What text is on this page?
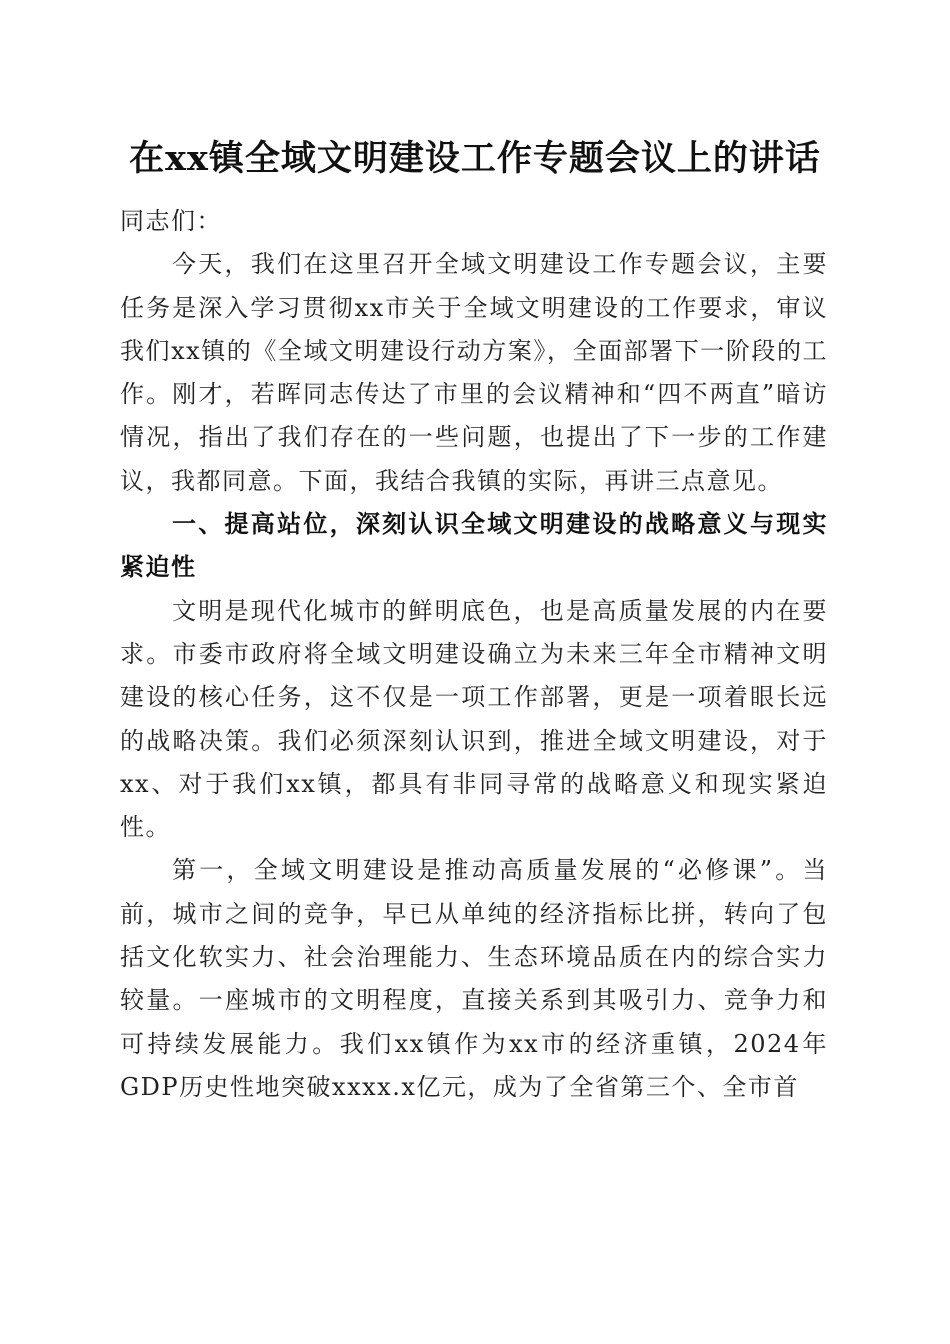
在xx镇全域文明建设工作专题会议上的讲话

同志们：

今天，我们在这里召开全域文明建设工作专题会议，主要任务是深入学习贯彻xx市关于全域文明建设的工作要求，审议我们xx镇的《全域文明建设行动方案》，全面部署下一阶段的工作。刚才，若晖同志传达了市里的会议精神和“四不两直”暗访情况，指出了我们存在的一些问题，也提出了下一步的工作建议，我都同意。下面，我结合我镇的实际，再讲三点意见。

一、提高站位，深刻认识全域文明建设的战略意义与现实紧迫性

文明是现代化城市的鲜明底色，也是高质量发展的内在要求。市委市政府将全域文明建设确立为未来三年全市精神文明建设的核心任务，这不仅是一项工作部署，更是一项着眼长远的战略决策。我们必须深刻认识到，推进全域文明建设，对于xx、对于我们xx镇，都具有非同寻常的战略意义和现实紧迫性。

第一，全域文明建设是推动高质量发展的“必修课”。当前，城市之间的竞争，早已从单纯的经济指标比拼，转向了包括文化软实力、社会治理能力、生态环境品质在内的综合实力较量。一座城市的文明程度，直接关系到其吸引力、竞争力和可持续发展能力。我们xx镇作为xx市的经济重镇，2024年GDP历史性地突破xxxx.x亿元，成为了全省第三个、全市首
